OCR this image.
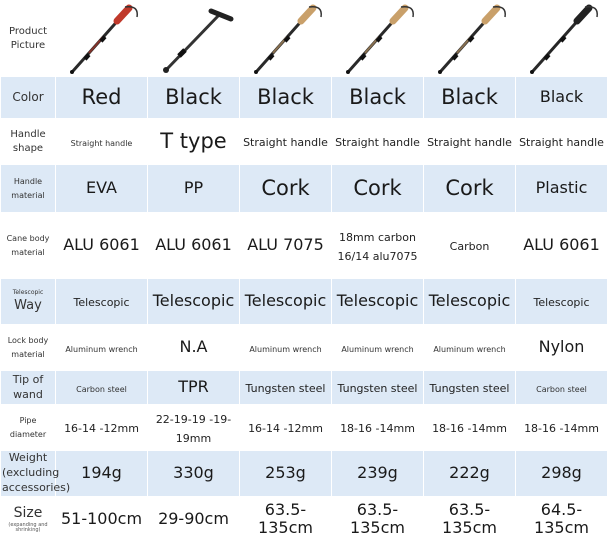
Product Picture	

Color	Red	Black	Black	Black	Black	Black
Handle shape	Straight handle	T type	Straight handle	Straight handle	Straight handle	Straight handle
Handle material	EVA	PP	Cork	Cork	Cork	Plastic
Cane body material	ALU 6061	ALU 6061	ALU 7075	18mm carbon 16/14 alu7075	Carbon	ALU 6061

Telescopic
Way	Telescopic	Telescopic	Telescopic	Telescopic	Telescopic	Telescopic
Lock body material	Aluminum wrench	N.A	Aluminum wrench	Aluminum wrench	Aluminum wrench	Nylon
Tip of wand	Carbon steel	TPR	Tungsten steel	Tungsten steel	Tungsten steel	Carbon steel
Pipe diameter	16-14 -12mm	22-19-19 -19-19mm	16-14 -12mm	18-16 -14mm	18-16 -14mm	18-16 -14mm
Weight (excluding accessories)	194g	330g	253g	239g	222g	298g

Size
(expanding and shrinking)	51-100cm	29-90cm	63.5-135cm	63.5-135cm	63.5-135cm	64.5-135cm
